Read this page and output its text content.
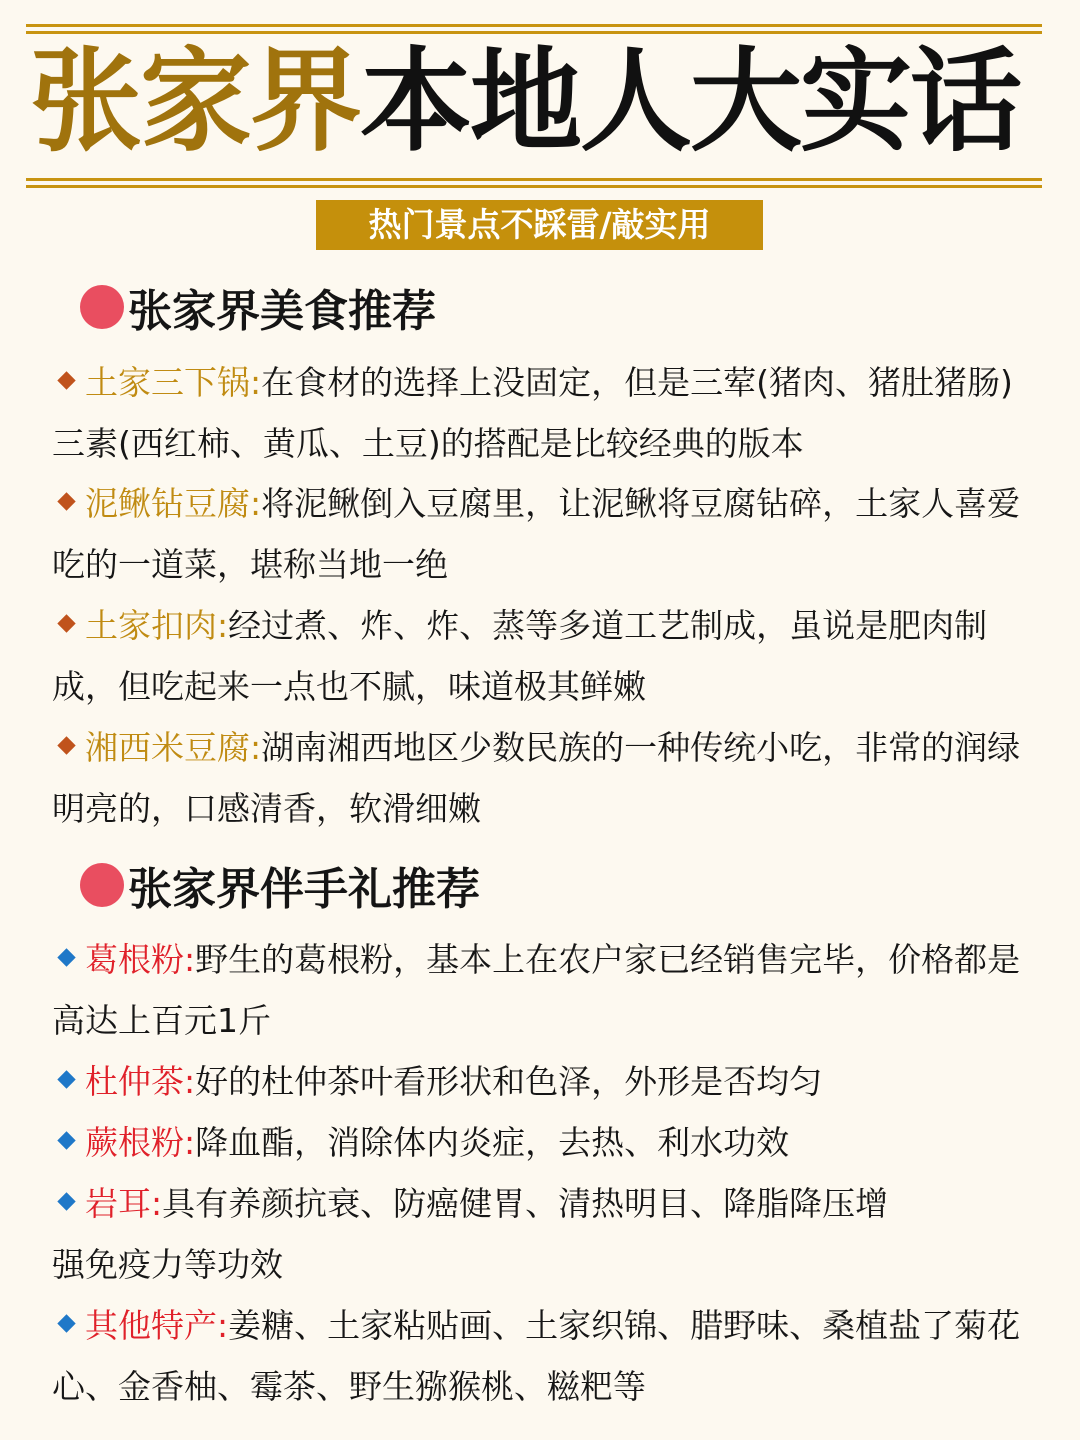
张家界本地人大实话
热门景点不踩雷/敲实用
张家界美食推荐
土家三下锅:在食材的选择上没固定，但是三荤(猪肉、猪肚猪肠)三素(西红柿、黄瓜、土豆)的搭配是比较经典的版本
泥鳅钻豆腐:将泥鳅倒入豆腐里，让泥鳅将豆腐钻碎，土家人喜爱吃的一道菜，堪称当地一绝
土家扣肉:经过煮、炸、炸、蒸等多道工艺制成，虽说是肥肉制成，但吃起来一点也不腻，味道极其鲜嫩
湘西米豆腐:湖南湘西地区少数民族的一种传统小吃，非常的润绿明亮的，口感清香，软滑细嫩
张家界伴手礼推荐
葛根粉:野生的葛根粉，基本上在农户家已经销售完毕，价格都是高达上百元1斤
杜仲茶:好的杜仲茶叶看形状和色泽，外形是否均匀
蕨根粉:降血酯，消除体内炎症，去热、利水功效
岩耳:具有养颜抗衰、防癌健胃、清热明目、降脂降压增强免疫力等功效
其他特产:姜糖、土家粘贴画、土家织锦、腊野味、桑植盐了菊花心、金香柚、霉茶、野生猕猴桃、糍粑等
